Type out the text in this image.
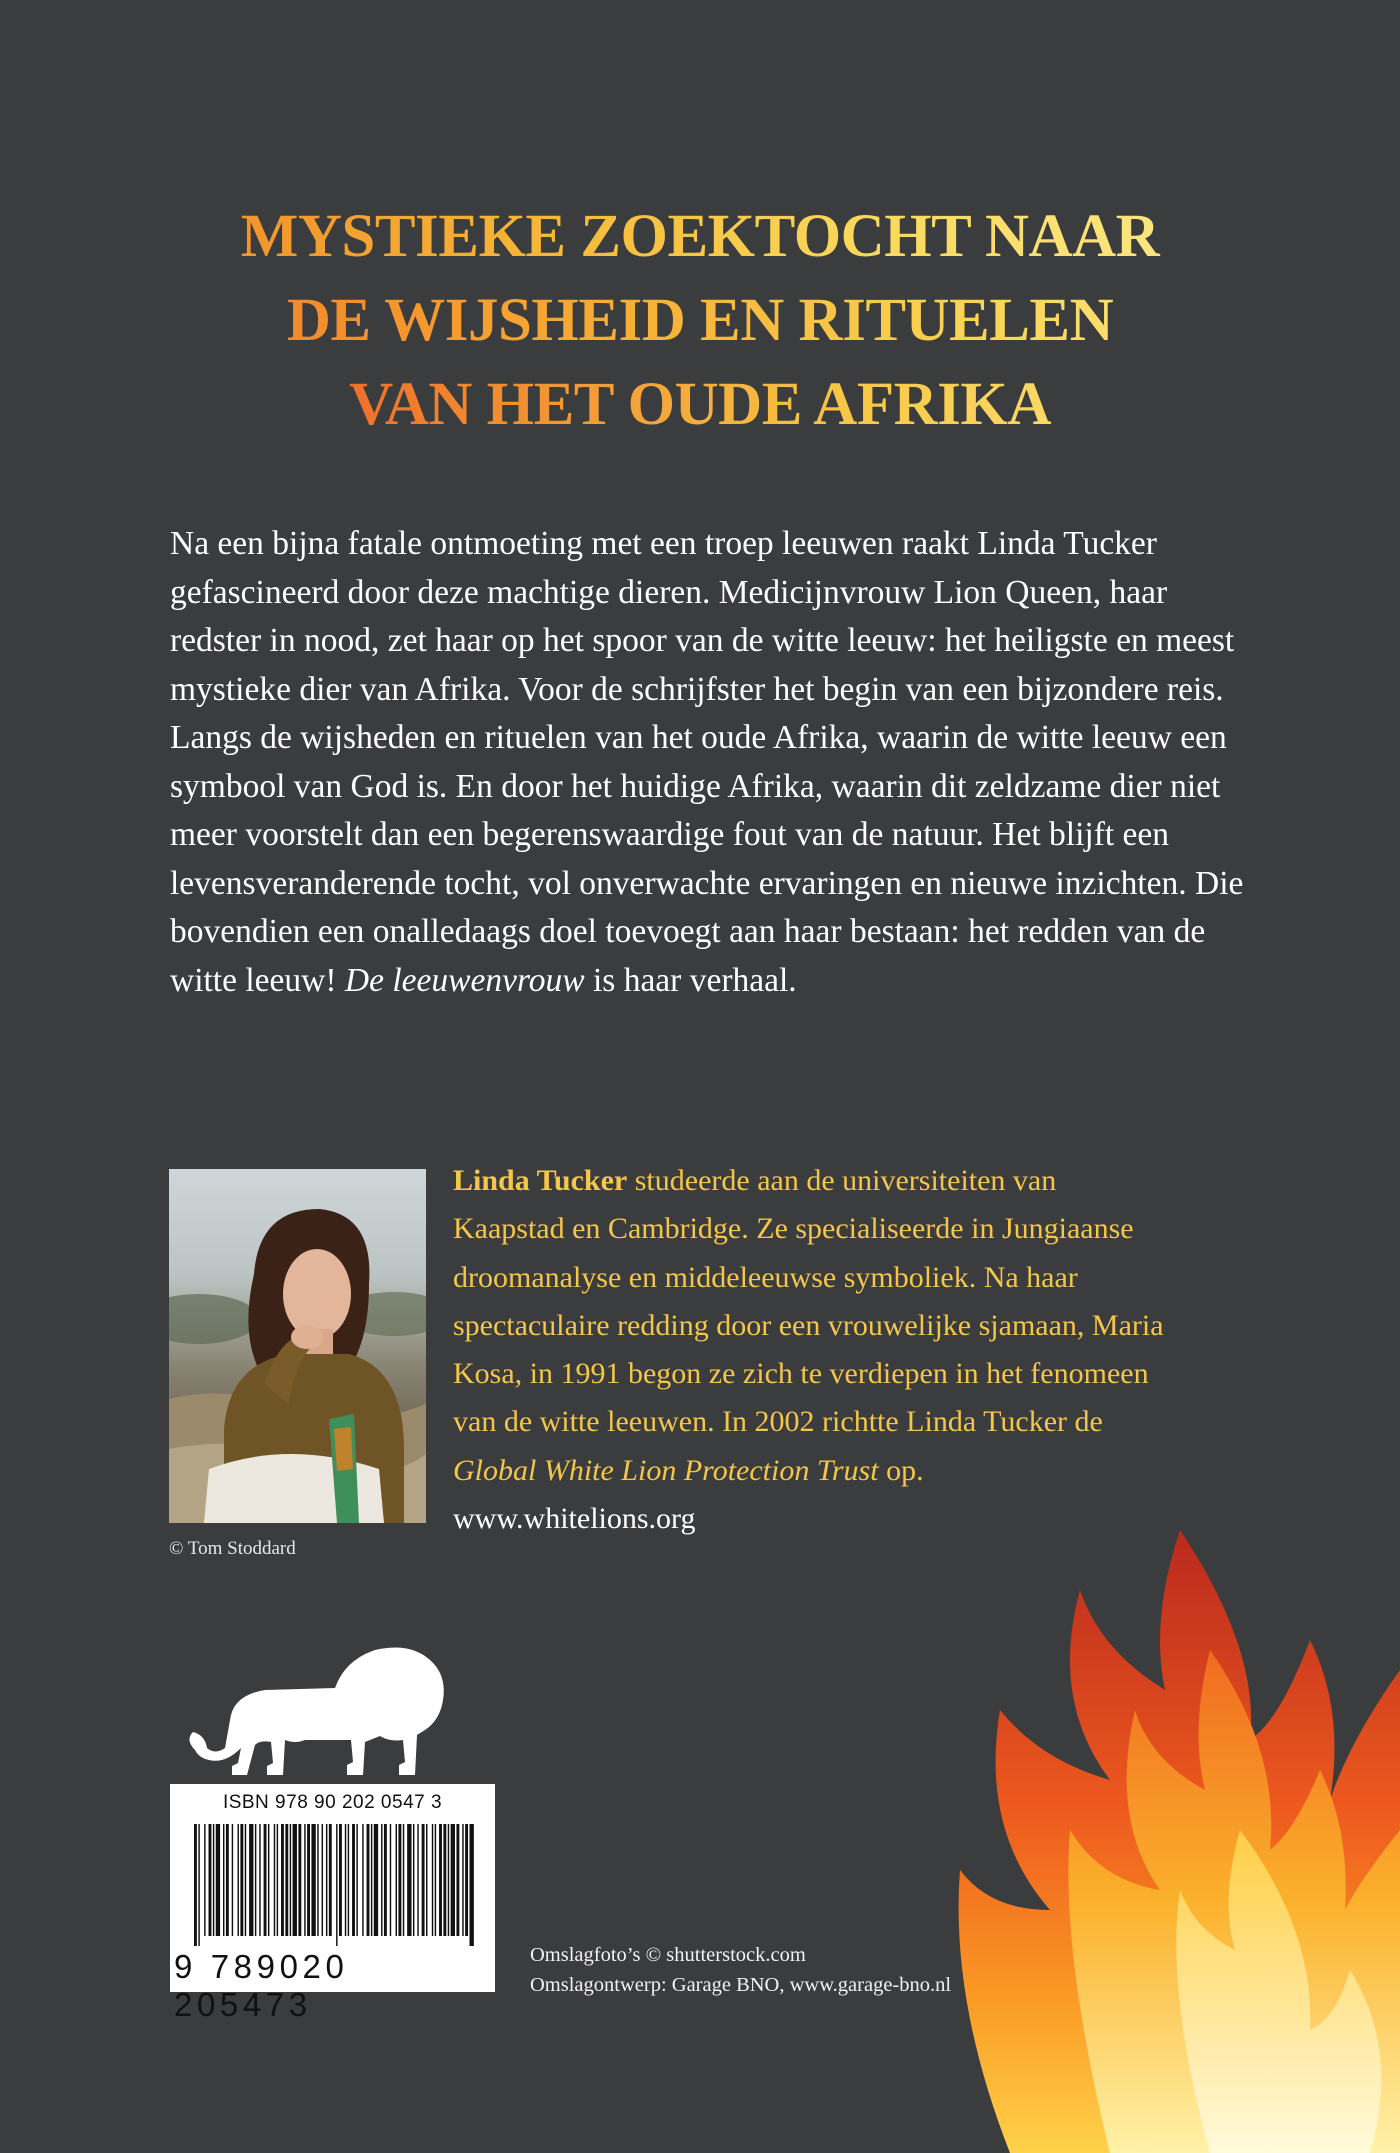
MYSTIEKE ZOEKTOCHT NAAR
DE WIJSHEID EN RITUELEN
VAN HET OUDE AFRIKA
Na een bijna fatale ontmoeting met een troep leeuwen raakt Linda Tucker gefascineerd door deze machtige dieren. Medicijnvrouw Lion Queen, haar redster in nood, zet haar op het spoor van de witte leeuw: het heiligste en meest mystieke dier van Afrika. Voor de schrijfster het begin van een bijzondere reis. Langs de wijsheden en rituelen van het oude Afrika, waarin de witte leeuw een symbool van God is. En door het huidige Afrika, waarin dit zeldzame dier niet meer voorstelt dan een begerenswaardige fout van de natuur. Het blijft een levensveranderende tocht, vol onverwachte ervaringen en nieuwe inzichten. Die bovendien een onalledaags doel toevoegt aan haar bestaan: het redden van de witte leeuw! De leeuwenvrouw is haar verhaal.
© Tom Stoddard
Linda Tucker studeerde aan de universiteiten van Kaapstad en Cambridge. Ze specialiseerde in Jungiaanse droomanalyse en middeleeuwse symboliek. Na haar spectaculaire redding door een vrouwelijke sjamaan, Maria Kosa, in 1991 begon ze zich te verdiepen in het fenomeen van de witte leeuwen. In 2002 richtte Linda Tucker de Global White Lion Protection Trust op. www.whitelions.org
ISBN 978 90 202 0547 3
9 789020 205473
Omslagfoto’s © shutterstock.com
Omslagontwerp: Garage BNO, www.garage-bno.nl
